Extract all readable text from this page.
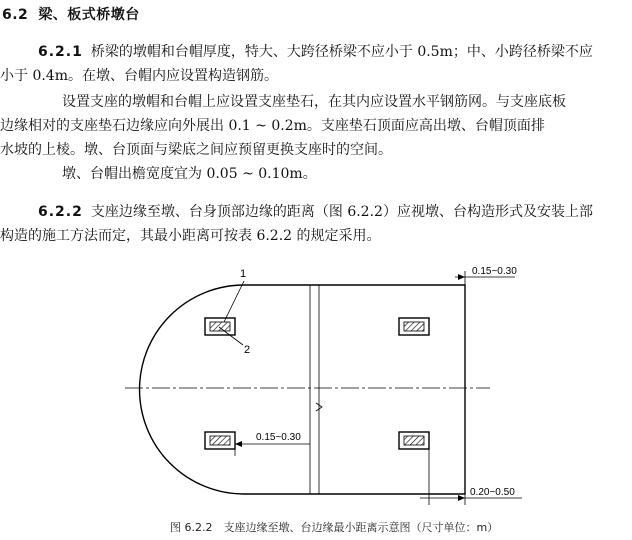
6.2 梁、板式桥墩台

6.2.1 桥梁的墩帽和台帽厚度，特大、大跨径桥梁不应小于 0.5m；中、小跨径桥梁不应

小于 0.4m。在墩、台帽内应设置构造钢筋。

设置支座的墩帽和台帽上应设置支座垫石，在其内应设置水平钢筋网。与支座底板

边缘相对的支座垫石边缘应向外展出 0.1 ~ 0.2m。支座垫石顶面应高出墩、台帽顶面排

水坡的上棱。墩、台顶面与梁底之间应预留更换支座时的空间。

墩、台帽出檐宽度宜为 0.05 ~ 0.10m。

6.2.2 支座边缘至墩、台身顶部边缘的距离（图 6.2.2）应视墩、台构造形式及安装上部

构造的施工方法而定，其最小距离可按表 6.2.2 的规定采用。

1
2
0.15~0.30
0.15~0.30
0.20~0.50
图 6.2.2　支座边缘至墩、台边缘最小距离示意图（尺寸单位：m）
